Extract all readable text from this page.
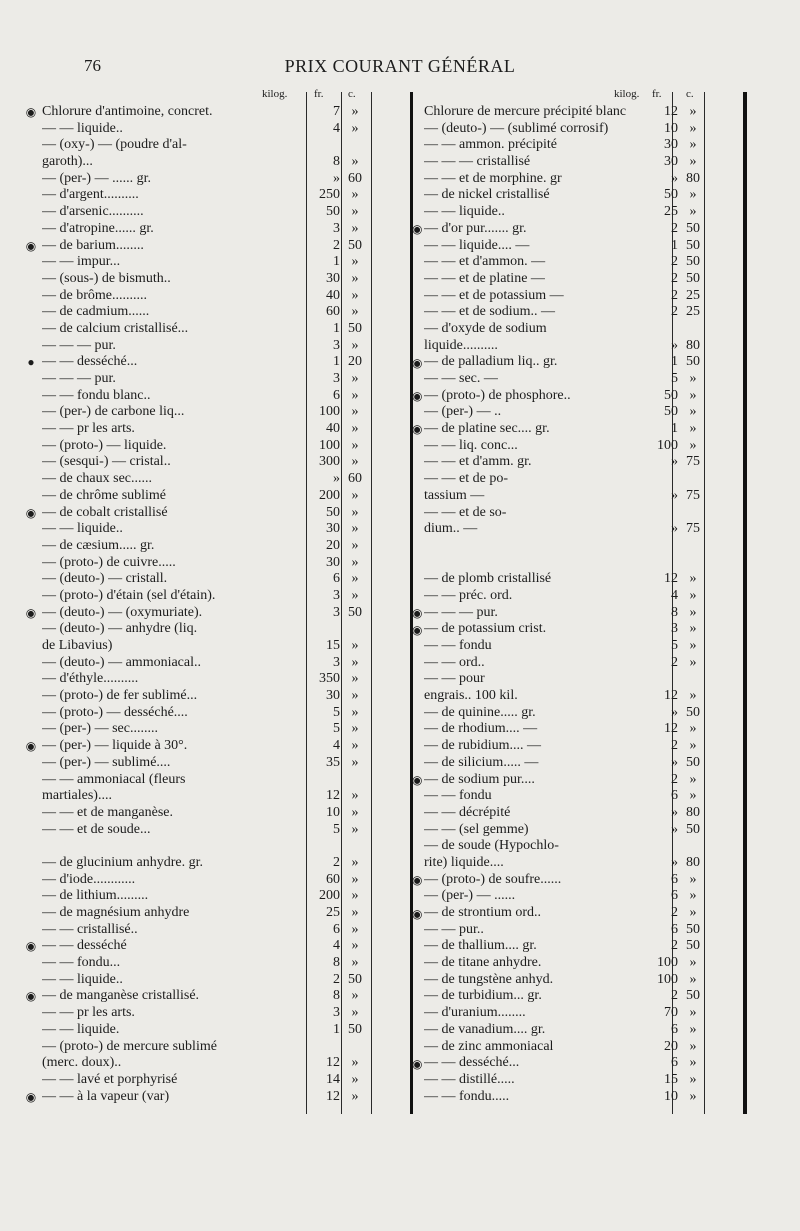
76	PRIX COURANT GÉNÉRAL
kilog. fr. c.
◉ Chlorure d'antimoine, concret.	7 »
— — liquide..	4 »
— (oxy-) — (poudre d'al-
garoth)...	8 »
— (per-) — ...... gr.	» 60
— d'argent..........	250 »
— d'arsenic..........	50 »
— d'atropine...... gr.	3 »
◉ — de barium........	2 50
— — impur...	1 »
— (sous-) de bismuth..	30 »
— de brôme..........	40 »
— de cadmium......	60 »
— de calcium cristallisé...	1 50
— — — pur.	3 »
● — — desséché...	1 20
— — — pur.	3 »
— — fondu blanc..	6 »
— (per-) de carbone liq...	100 »
— — pr les arts.	40 »
— (proto-) — liquide.	100 »
— (sesqui-) — cristal..	300 »
— de chaux sec......	» 60
— de chrôme sublimé	200 »
◉ — de cobalt cristallisé	50 »
— — liquide..	30 »
— de cæsium..... gr.	20 »
— (proto-) de cuivre.....	30 »
— (deuto-) — cristall.	6 »
— (proto-) d'étain (sel d'étain).	3 »
◉ — (deuto-) — (oxymuriate).	3 50
— (deuto-) — anhydre (liq.
de Libavius)	15 »
— (deuto-) — ammoniacal..	3 »
— d'éthyle..........	350 »
— (proto-) de fer sublimé...	30 »
— (proto-) — desséché....	5 »
— (per-) — sec........	5 »
◉ — (per-) — liquide à 30°.	4 »
— (per-) — sublimé....	35 »
— — ammoniacal (fleurs
martiales)....	12 »
— — et de manganèse.	10 »
— — et de soude...	5 »
— de glucinium anhydre. gr.	2 »
— d'iode............	60 »
— de lithium.........	200 »
— de magnésium anhydre	25 »
— — cristallisé..	6 »
◉ — — desséché	4 »
— — fondu...	8 »
— — liquide..	2 50
◉ — de manganèse cristallisé.	8 »
— — pr les arts.	3 »
— — liquide.	1 50
— (proto-) de mercure sublimé
(merc. doux)..	12 »
— — lavé et porphyrisé	14 »
◉ — — à la vapeur (var)	12 »
kilog. fr. c.
Chlorure de mercure précipité blanc	12 »
— (deuto-) — (sublimé corrosif)	10 »
— — ammon. précipité	30 »
— — — cristallisé	30 »
— — et de morphine. gr	» 80
— de nickel cristallisé	50 »
— — liquide..	25 »
— d'or pur....... gr.	2 50
— — liquide.... —	1 50
— — et d'ammon. —	2 50
— — et de platine —	2 50
— — et de potassium —	2 25
— — et de sodium.. —	2 25
— d'oxyde de sodium
liquide..........	» 80
— de palladium liq.. gr.	1 50
— — sec. —	5 »
— (proto-) de phosphore..	50 »
— (per-) — ..	50 »
— de platine sec.... gr.	1 »
— — liq. conc...	100 »
— — et d'amm. gr.	» 75
— — et de po-
tassium —	» 75
— — et de so-
dium.. —	» 75
— de plomb cristallisé	12 »
— — préc. ord.	4 »
— — — pur.	8 »
— de potassium crist.	3 »
— — fondu	5 »
— — ord..	2 »
— — pour
engrais.. 100 kil.	12 »
— de quinine..... gr.	» 50
— de rhodium.... —	12 »
— de rubidium.... —	2 »
— de silicium..... —	» 50
— de sodium pur....	2 »
— — fondu	6 »
— — décrépité	» 80
— — (sel gemme)	» 50
— de soude (Hypochlo-
rite) liquide....	» 80
— (proto-) de soufre......	6 »
— (per-) — ......	6 »
— de strontium ord..	2 »
— — pur..	6 50
— de thallium.... gr.	2 50
— de titane anhydre.	100 »
— de tungstène anhyd.	100 »
— de turbidium... gr.	2 50
— d'uranium........	70 »
— de vanadium.... gr.	6 »
— de zinc ammoniacal	20 »
— — desséché...	6 »
— — distillé.....	15 »
— — fondu.....	10 »
◉
◉
◉
◉
◉
◉
◉
◉
◉
◉
